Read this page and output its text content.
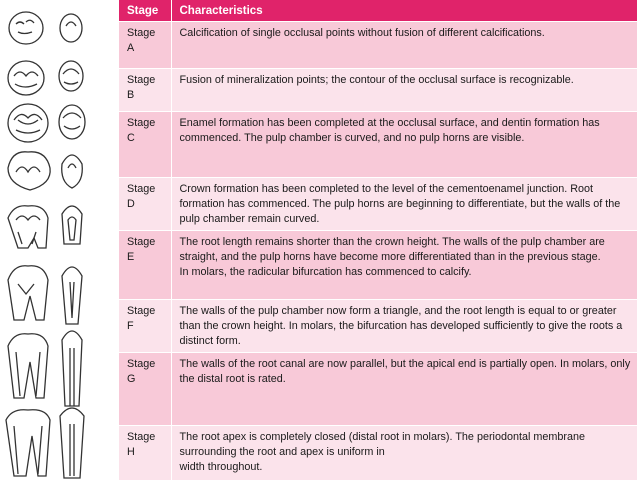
Stage	Characteristics

Stage
A	Calcification of single occlusal points without fusion of different calcifications.

Stage
B	Fusion of mineralization points; the contour of the occlusal surface is recognizable.

Stage
C	Enamel formation has been completed at the occlusal surface, and dentin formation has commenced. The pulp chamber is curved, and no pulp horns are visible.

Stage
D	Crown formation has been completed to the level of the cementoenamel junction. Root formation has commenced. The pulp horns are beginning to differentiate, but the walls of the pulp chamber remain curved.

Stage
E	The root length remains shorter than the crown height. The walls of the pulp chamber are straight, and the pulp horns have become more differentiated than in the previous stage.
In molars, the radicular bifurcation has commenced to calcify.

Stage
F	The walls of the pulp chamber now form a triangle, and the root length is equal to or greater than the crown height. In molars, the bifurcation has developed sufficiently to give the roots a distinct form.

Stage
G	The walls of the root canal are now parallel, but the apical end is partially open. In molars, only the distal root is rated.

Stage
H	The root apex is completely closed (distal root in molars). The periodontal membrane surrounding the root and apex is uniform in
width throughout.
